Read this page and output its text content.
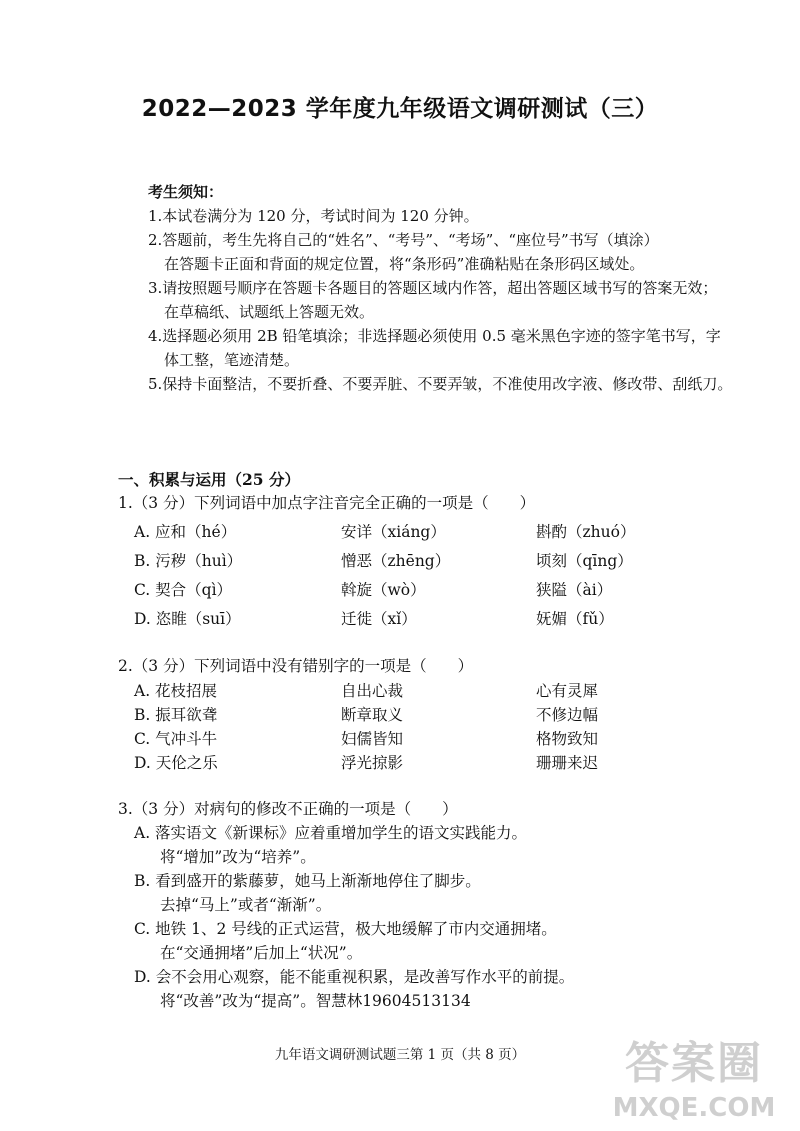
2022—2023 学年度九年级语文调研测试（三）
考生须知：
1.本试卷满分为 120 分，考试时间为 120 分钟。
2.答题前，考生先将自己的“姓名”、“考号”、“考场”、“座位号”书写（填涂）
在答题卡正面和背面的规定位置，将“条形码”准确粘贴在条形码区域处。
3.请按照题号顺序在答题卡各题目的答题区域内作答，超出答题区域书写的答案无效；
在草稿纸、试题纸上答题无效。
4.选择题必须用 2B 铅笔填涂；非选择题必须使用 0.5 毫米黑色字迹的签字笔书写，字
体工整，笔迹清楚。
5.保持卡面整洁，不要折叠、不要弄脏、不要弄皱，不准使用改字液、修改带、刮纸刀。
一、积累与运用（25 分）
1.（3 分）下列词语中加点字注音完全正确的一项是（　　）
A. 应和（hé）	安详（xiáng）	斟酌（zhuó）
B. 污秽（huì）	憎恶（zhēng）	顷刻（qīng）
C. 契合（qì）	斡旋（wò）	狭隘（ài）
D. 恣睢（suī）	迁徙（xǐ）	妩媚（fǔ）
2.（3 分）下列词语中没有错别字的一项是（　　）
A. 花枝招展	自出心裁	心有灵犀
B. 振耳欲聋	断章取义	不修边幅
C. 气冲斗牛	妇儒皆知	格物致知
D. 天伦之乐	浮光掠影	珊珊来迟
3.（3 分）对病句的修改不正确的一项是（　　）
A. 落实语文《新课标》应着重增加学生的语文实践能力。
将“增加”改为“培养”。
B. 看到盛开的紫藤萝，她马上渐渐地停住了脚步。
去掉“马上”或者“渐渐”。
C. 地铁 1、2 号线的正式运营，极大地缓解了市内交通拥堵。
在“交通拥堵”后加上“状况”。
D. 会不会用心观察，能不能重视积累，是改善写作水平的前提。
将“改善”改为“提高”。智慧林19604513134
九年语文调研测试题三第 1 页（共 8 页）	答案圈
MXQE.COM
